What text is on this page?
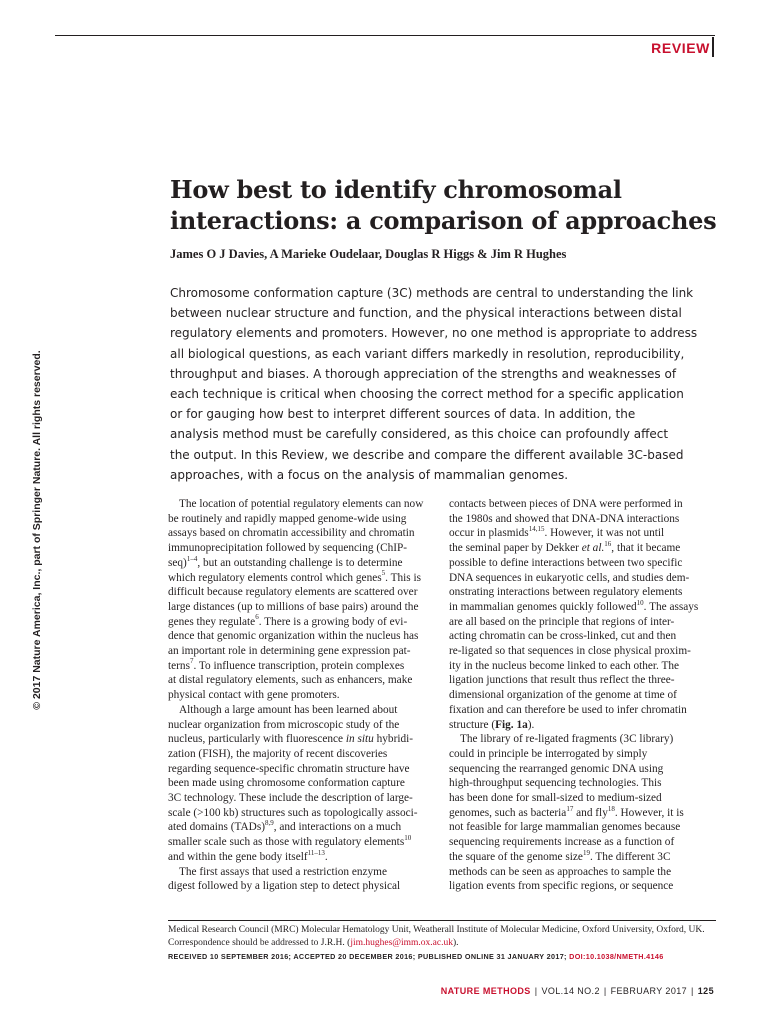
REVIEW
© 2017 Nature America, Inc., part of Springer Nature. All rights reserved.
How best to identify chromosomal
interactions: a comparison of approaches
James O J Davies, A Marieke Oudelaar, Douglas R Higgs & Jim R Hughes
Chromosome conformation capture (3C) methods are central to understanding the link
between nuclear structure and function, and the physical interactions between distal
regulatory elements and promoters. However, no one method is appropriate to address
all biological questions, as each variant differs markedly in resolution, reproducibility,
throughput and biases. A thorough appreciation of the strengths and weaknesses of
each technique is critical when choosing the correct method for a specific application
or for gauging how best to interpret different sources of data. In addition, the
analysis method must be carefully considered, as this choice can profoundly affect
the output. In this Review, we describe and compare the different available 3C-based
approaches, with a focus on the analysis of mammalian genomes.
The location of potential regulatory elements can now
be routinely and rapidly mapped genome-wide using
assays based on chromatin accessibility and chromatin
immunoprecipitation followed by sequencing (ChIP-
seq)$^{1-4}$, but an outstanding challenge is to determine
which regulatory elements control which genes$^5$. This is
difficult because regulatory elements are scattered over
large distances (up to millions of base pairs) around the
genes they regulate$^6$. There is a growing body of evi-
dence that genomic organization within the nucleus has
an important role in determining gene expression pat-
terns$^7$. To influence transcription, protein complexes
at distal regulatory elements, such as enhancers, make
physical contact with gene promoters.
Although a large amount has been learned about
nuclear organization from microscopic study of the
nucleus, particularly with fluorescence in situ hybridi-
zation (FISH), the majority of recent discoveries
regarding sequence-specific chromatin structure have
been made using chromosome conformation capture
3C technology. These include the description of large-
scale (>100 kb) structures such as topologically associ-
ated domains (TADs)$^{8,9}$, and interactions on a much
smaller scale such as those with regulatory elements$^{10}$
and within the gene body itself$^{11-13}$.
The first assays that used a restriction enzyme
digest followed by a ligation step to detect physical
contacts between pieces of DNA were performed in
the 1980s and showed that DNA-DNA interactions
occur in plasmids$^{14,15}$. However, it was not until
the seminal paper by Dekker et al.$^{16}$, that it became
possible to define interactions between two specific
DNA sequences in eukaryotic cells, and studies dem-
onstrating interactions between regulatory elements
in mammalian genomes quickly followed$^{10}$. The assays
are all based on the principle that regions of inter-
acting chromatin can be cross-linked, cut and then
re-ligated so that sequences in close physical proxim-
ity in the nucleus become linked to each other. The
ligation junctions that result thus reflect the three-
dimensional organization of the genome at time of
fixation and can therefore be used to infer chromatin
structure (Fig. 1a).
The library of re-ligated fragments (3C library)
could in principle be interrogated by simply
sequencing the rearranged genomic DNA using
high-throughput sequencing technologies. This
has been done for small-sized to medium-sized
genomes, such as bacteria$^{17}$ and fly$^{18}$. However, it is
not feasible for large mammalian genomes because
sequencing requirements increase as a function of
the square of the genome size$^{19}$. The different 3C
methods can be seen as approaches to sample the
ligation events from specific regions, or sequence
Medical Research Council (MRC) Molecular Hematology Unit, Weatherall Institute of Molecular Medicine, Oxford University, Oxford, UK.
Correspondence should be addressed to J.R.H. (jim.hughes@imm.ox.ac.uk).
RECEIVED 10 SEPTEMBER 2016; ACCEPTED 20 DECEMBER 2016; PUBLISHED ONLINE 31 JANUARY 2017; DOI:10.1038/NMETH.4146
NATURE METHODS | VOL.14 NO.2 | FEBRUARY 2017 | 125
